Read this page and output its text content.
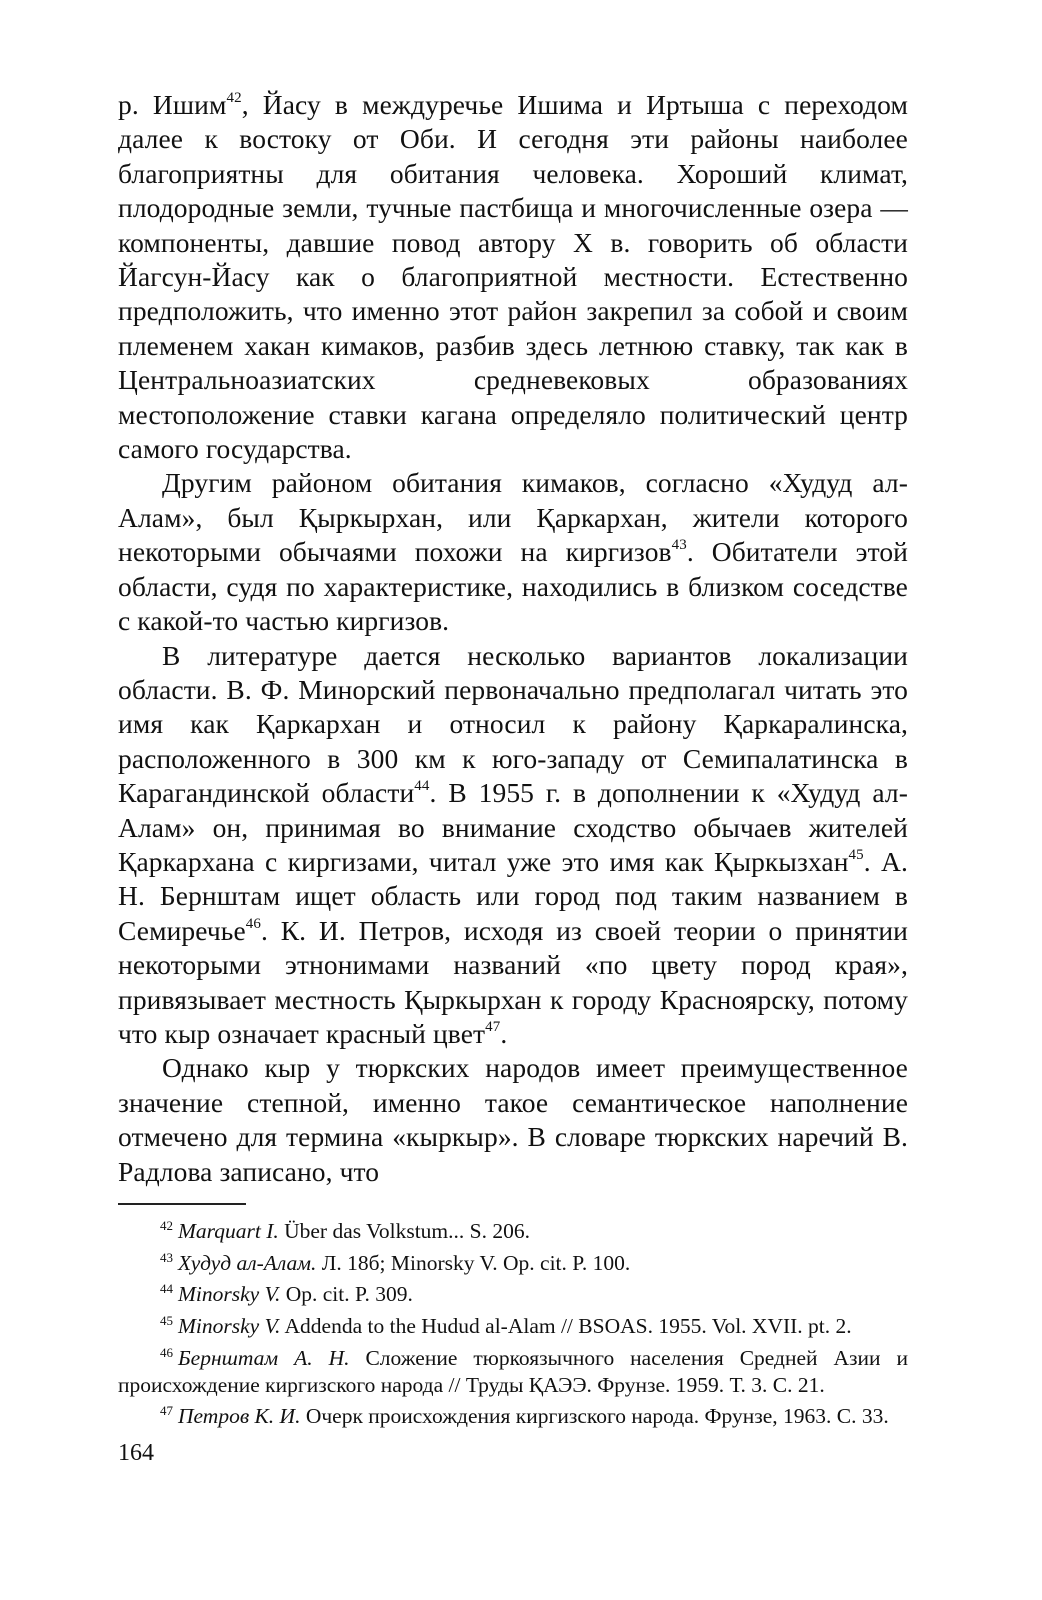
р. Ишим$^{42}$, Йасу в междуречье Ишима и Иртыша с переходом далее к востоку от Оби. И сегодня эти районы наиболее благоприятны для обитания человека. Хороший климат, плодородные земли, тучные пастбища и многочисленные озера — компоненты, давшие повод автору Х в. говорить об области Йагсун-Йасу как о благоприятной местности. Естественно предположить, что именно этот район закрепил за собой и своим племенем хакан кимаков, разбив здесь летнюю ставку, так как в Центральноазиатских средневековых образованиях местоположение ставки кагана определяло политический центр самого государства.

Другим районом обитания кимаков, согласно «Худуд ал-Алам», был Қыркырхан, или Қаркархан, жители которого некоторыми обычаями похожи на киргизов$^{43}$. Обитатели этой области, судя по характеристике, находились в близком соседстве с какой-то частью киргизов.

В литературе дается несколько вариантов локализации области. В. Ф. Минорский первоначально предполагал читать это имя как Қаркархан и относил к району Қаркаралинска, расположенного в 300 км к юго-западу от Семипалатинска в Карагандинской области$^{44}$. В 1955 г. в дополнении к «Худуд ал-Алам» он, принимая во внимание сходство обычаев жителей Қаркархана с киргизами, читал уже это имя как Қыркызхан$^{45}$. А. Н. Бернштам ищет область или город под таким названием в Семиречье$^{46}$. К. И. Петров, исходя из своей теории о принятии некоторыми этнонимами названий «по цвету пород края», привязывает местность Қыркырхан к городу Красноярску, потому что кыр означает красный цвет$^{47}$.

Однако кыр у тюркских народов имеет преимущественное значение степной, именно такое семантическое наполнение отмечено для термина «кыркыр». В словаре тюркских наречий В. Радлова записано, что

$^{42}$ Marquart I. Über das Volkstum... S. 206.
$^{43}$ Худуд ал-Алам. Л. 18б; Minorsky V. Op. cit. P. 100.
$^{44}$ Minorsky V. Op. cit. P. 309.
$^{45}$ Minorsky V. Addenda to the Hudud al-Alam // BSOAS. 1955. Vol. XVII. pt. 2.
$^{46}$ Бернштам А. Н. Сложение тюркоязычного населения Средней Азии и происхождение киргизского народа // Труды ҚАЭЭ. Фрунзе. 1959. Т. 3. С. 21.
$^{47}$ Петров К. И. Очерк происхождения киргизского народа. Фрунзе, 1963. С. 33.
164
